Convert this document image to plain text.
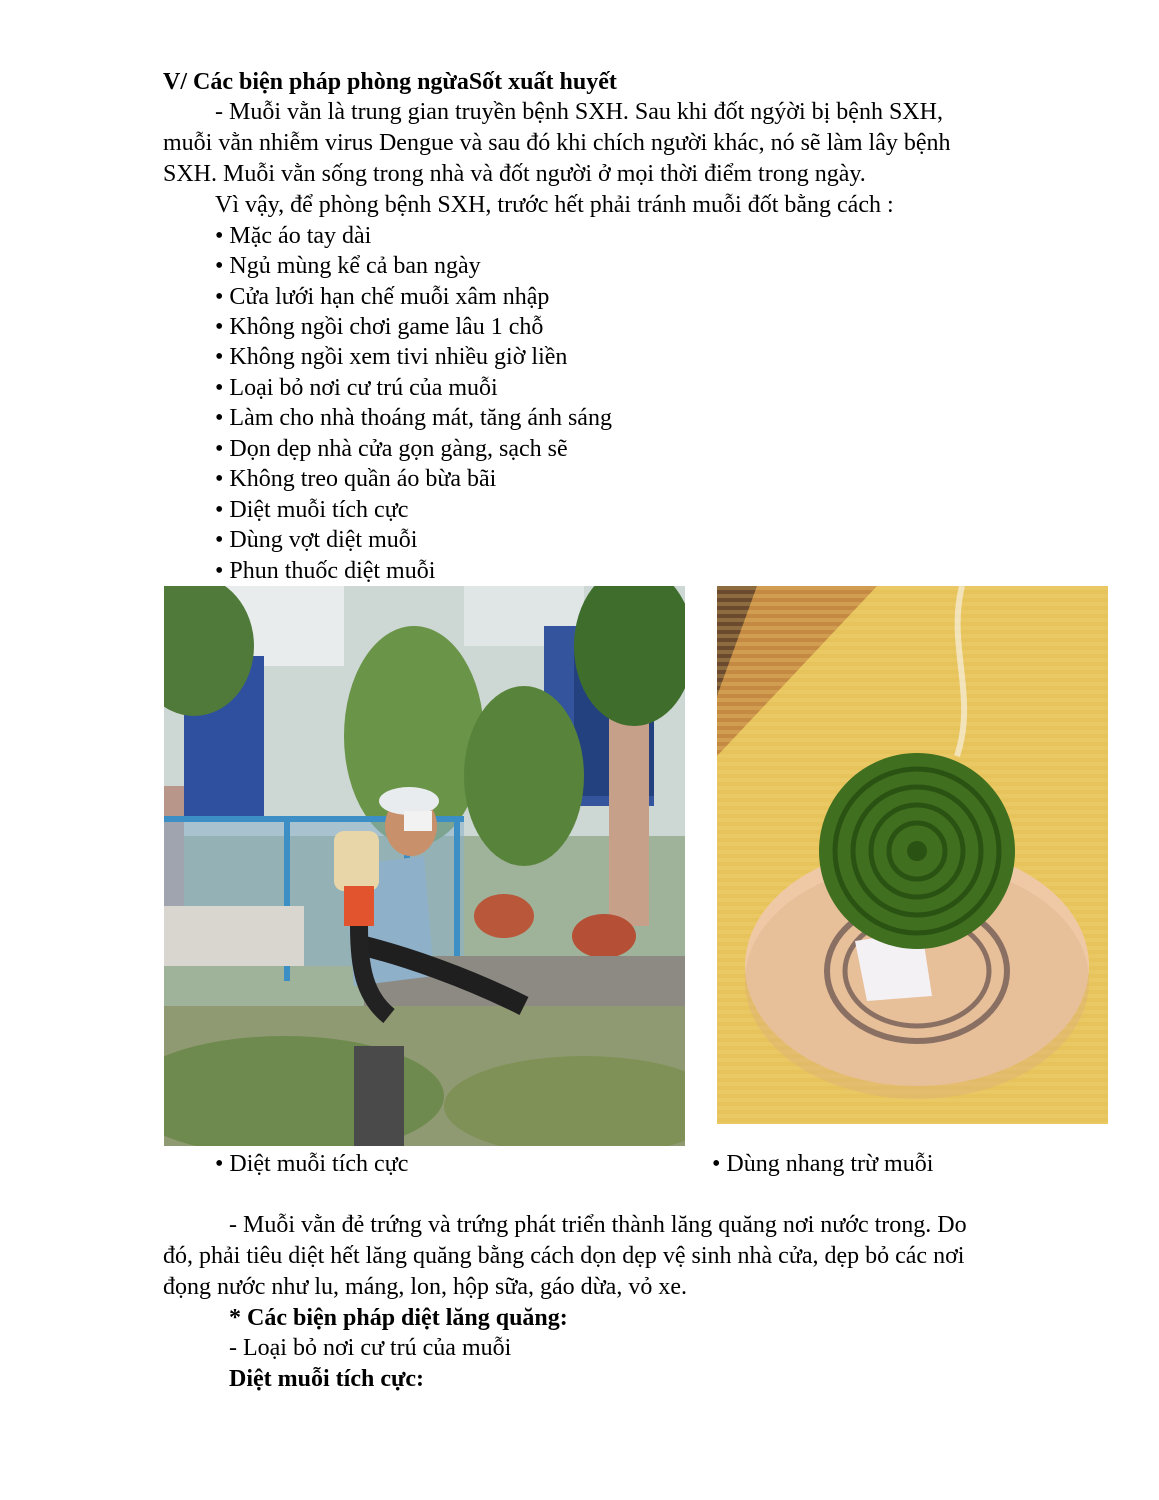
V/ Các biện pháp phòng ngừaSốt xuất huyết
- Muỗi vằn là trung gian truyền bệnh SXH. Sau khi đốt ngýời bị bệnh SXH,
muỗi vằn nhiễm virus Dengue và sau đó khi chích người khác, nó sẽ làm lây bệnh
SXH. Muỗi vằn sống trong nhà và đốt người ở mọi thời điểm trong ngày.
Vì vậy, để phòng bệnh SXH, trước hết phải tránh muỗi đốt bằng cách :
• Mặc áo tay dài
• Ngủ mùng kể cả ban ngày
• Cửa lưới hạn chế muỗi xâm nhập
• Không ngồi chơi game lâu 1 chỗ
• Không ngồi xem tivi nhiều giờ liền
• Loại bỏ nơi cư trú của muỗi
• Làm cho nhà thoáng mát, tăng ánh sáng
• Dọn dẹp nhà cửa gọn gàng, sạch sẽ
• Không treo quần áo bừa bãi
• Diệt muỗi tích cực
• Dùng vợt diệt muỗi
• Phun thuốc diệt muỗi
• Diệt muỗi tích cực	• Dùng nhang trừ muỗi
- Muỗi vằn đẻ trứng và trứng phát triển thành lăng quăng nơi nước trong. Do
đó, phải tiêu diệt hết lăng quăng bằng cách dọn dẹp vệ sinh nhà cửa, dẹp bỏ các nơi
đọng nước như lu, máng, lon, hộp sữa, gáo dừa, vỏ xe.
* Các biện pháp diệt lăng quăng:
- Loại bỏ nơi cư trú của muỗi
Diệt muỗi tích cực:
